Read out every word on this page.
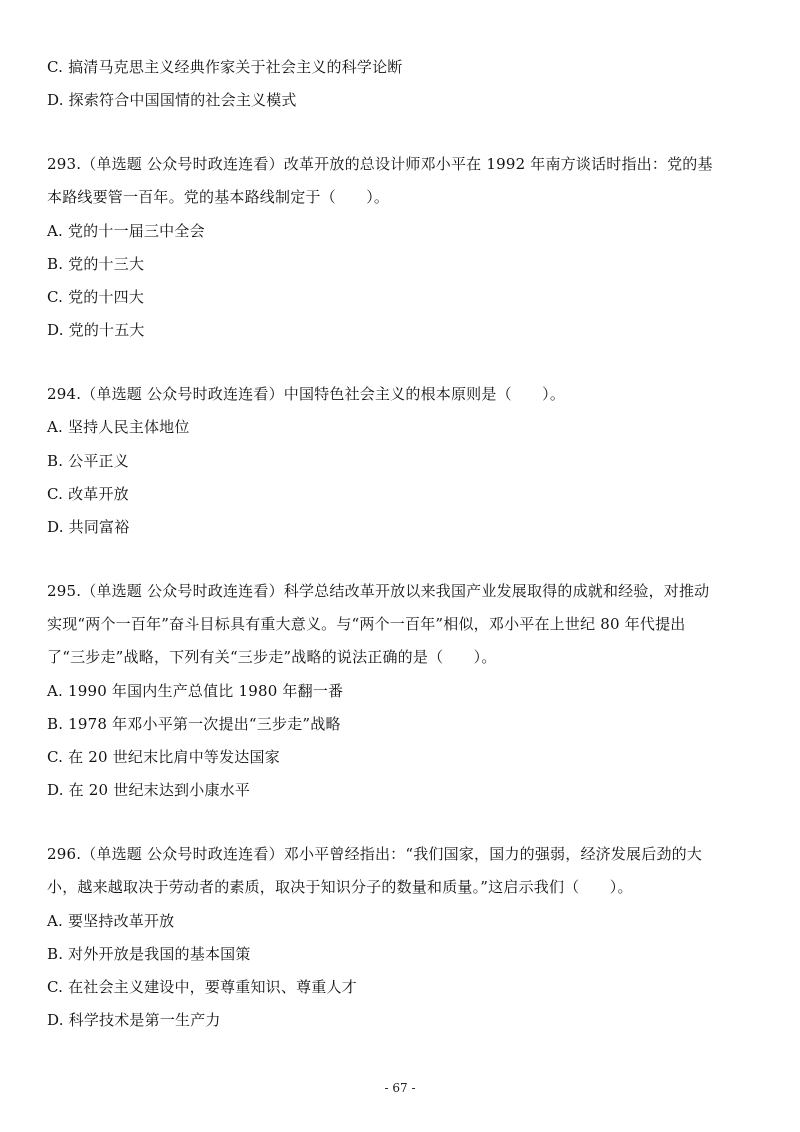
C. 搞清马克思主义经典作家关于社会主义的科学论断
D. 探索符合中国国情的社会主义模式
293.（单选题 公众号时政连连看）改革开放的总设计师邓小平在 1992 年南方谈话时指出：党的基
本路线要管一百年。党的基本路线制定于（　　）。
A. 党的十一届三中全会
B. 党的十三大
C. 党的十四大
D. 党的十五大
294.（单选题 公众号时政连连看）中国特色社会主义的根本原则是（　　）。
A. 坚持人民主体地位
B. 公平正义
C. 改革开放
D. 共同富裕
295.（单选题 公众号时政连连看）科学总结改革开放以来我国产业发展取得的成就和经验，对推动
实现“两个一百年”奋斗目标具有重大意义。与“两个一百年”相似，邓小平在上世纪 80 年代提出
了“三步走”战略，下列有关“三步走”战略的说法正确的是（　　）。
A. 1990 年国内生产总值比 1980 年翻一番
B. 1978 年邓小平第一次提出“三步走”战略
C. 在 20 世纪末比肩中等发达国家
D. 在 20 世纪末达到小康水平
296.（单选题 公众号时政连连看）邓小平曾经指出：“我们国家，国力的强弱，经济发展后劲的大
小，越来越取决于劳动者的素质，取决于知识分子的数量和质量。”这启示我们（　　）。
A. 要坚持改革开放
B. 对外开放是我国的基本国策
C. 在社会主义建设中，要尊重知识、尊重人才
D. 科学技术是第一生产力
- 67 -
